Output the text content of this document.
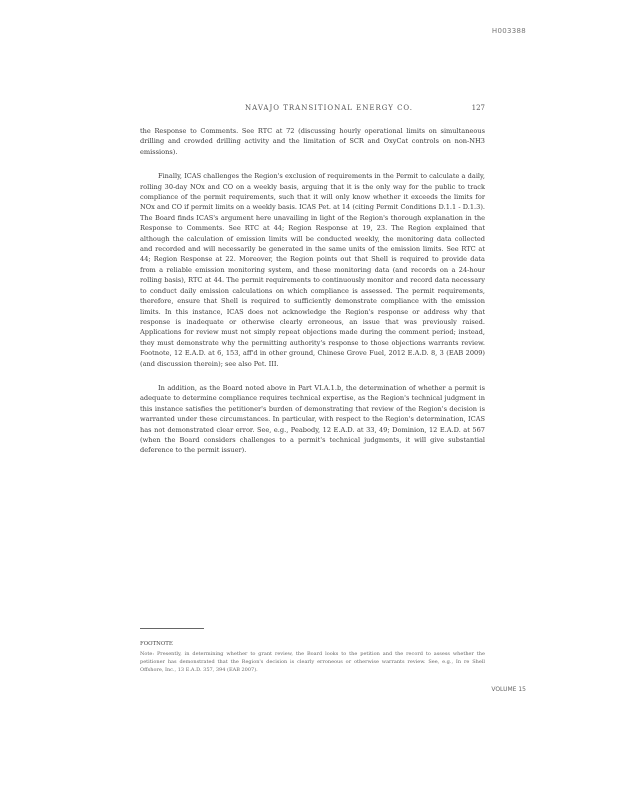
H003388
NAVAJO TRANSITIONAL ENERGY CO.	127

the Response to Comments. See RTC at 72 (discussing hourly operational limits on simultaneous drilling and crowded drilling activity and the limitation of SCR and OxyCat controls on non-NH3 emissions).

Finally, ICAS challenges the Region's exclusion of requirements in the Permit to calculate a daily, rolling 30-day NOx and CO on a weekly basis, arguing that it is the only way for the public to track compliance of the permit requirements, such that it will only know whether it exceeds the limits for NOx and CO if permit limits on a weekly basis. ICAS Pet. at 14 (citing Permit Conditions D.1.1 - D.1.3). The Board finds ICAS's argument here unavailing in light of the Region's thorough explanation in the Response to Comments. See RTC at 44; Region Response at 19, 23. The Region explained that although the calculation of emission limits will be conducted weekly, the monitoring data collected and recorded and will necessarily be generated in the same units of the emission limits. See RTC at 44; Region Response at 22. Moreover, the Region points out that Shell is required to provide data from a reliable emission monitoring system, and these monitoring data (and records on a 24-hour rolling basis), RTC at 44. The permit requirements to continuously monitor and record data necessary to conduct daily emission calculations on which compliance is assessed. The permit requirements, therefore, ensure that Shell is required to sufficiently demonstrate compliance with the emission limits. In this instance, ICAS does not acknowledge the Region's response or address why that response is inadequate or otherwise clearly erroneous, an issue that was previously raised. Applications for review must not simply repeat objections made during the comment period; instead, they must demonstrate why the permitting authority's response to those objections warrants review. Footnote, 12 E.A.D. at 6, 153, aff'd in other ground, Chinese Grove Fuel, 2012 E.A.D. 8, 3 (EAB 2009) (and discussion therein); see also Pet. III.

In addition, as the Board noted above in Part VI.A.1.b, the determination of whether a permit is adequate to determine compliance requires technical expertise, as the Region's technical judgment in this instance satisfies the petitioner's burden of demonstrating that review of the Region's decision is warranted under these circumstances. In particular, with respect to the Region's determination, ICAS has not demonstrated clear error. See, e.g., Peabody, 12 E.A.D. at 33, 49; Dominion, 12 E.A.D. at 567 (when the Board considers challenges to a permit's technical judgments, it will give substantial deference to the permit issuer).

FOOTNOTE
Note: Presently, in determining whether to grant review, the Board looks to the petition and the record to assess whether the petitioner has demonstrated that the Region's decision is clearly erroneous or otherwise warrants review. See, e.g., In re Shell Offshore, Inc., 13 E.A.D. 357, 394 (EAB 2007).
VOLUME 15
